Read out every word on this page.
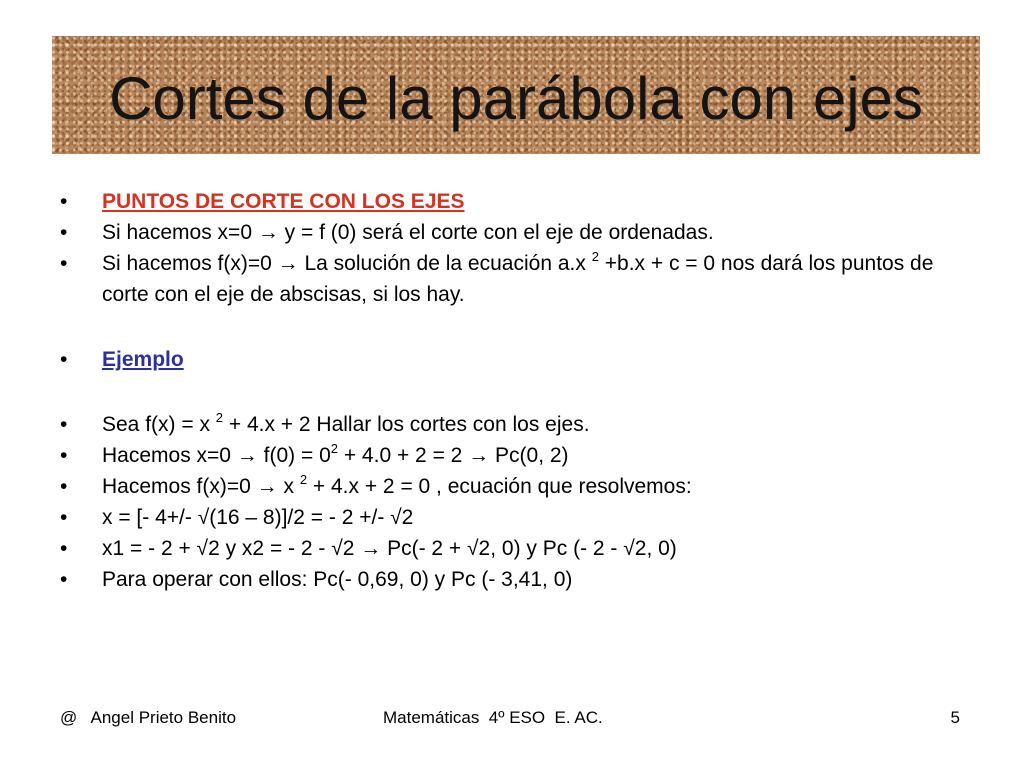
Cortes de la parábola con ejes
• PUNTOS DE CORTE CON LOS EJES
• Si hacemos x=0 → y = f (0) será el corte con el eje de ordenadas.
• Si hacemos f(x)=0 → La solución de la ecuación a.x $^2$ +b.x + c = 0 nos dará los puntos de corte con el eje de abscisas, si los hay.
• Ejemplo
• Sea f(x) = x $^2$ + 4.x + 2 Hallar los cortes con los ejes.
• Hacemos $x=0 \to f(0) = 0^2 + 4.0 + 2 = 2 \to Pc(0$, 2)
• Hacemos f(x)=0 → x $^2$ + 4.x + 2 = 0 , ecuación que resolvemos:
• x = [- 4+/- √(16 – 8)]/2 = - 2 +/- √2
• x1 = - 2 + √2 y x2 = - 2 - √2 → Pc(- 2 + √2, 0) y Pc (- 2 - √2, 0)
• Para operar con ellos: Pc(- 0,69, 0) y Pc (- 3,41, 0)
@   Angel Prieto Benito	Matemáticas  4º ESO  E. AC.	5
